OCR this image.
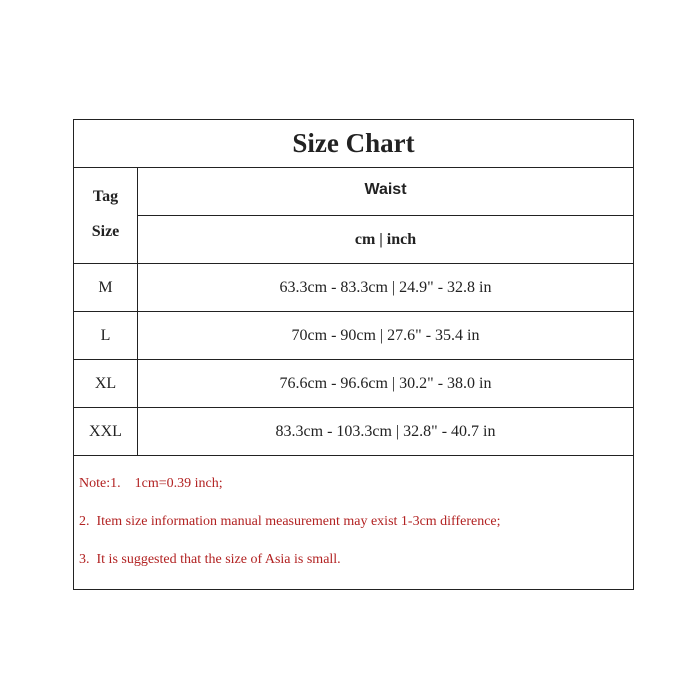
Size Chart
Tag
Size
Waist
cm | inch
M	63.3cm - 83.3cm | 24.9" - 32.8 in
L	70cm - 90cm | 27.6" - 35.4 in
XL	76.6cm - 96.6cm | 30.2" - 38.0 in
XXL	83.3cm - 103.3cm | 32.8" - 40.7 in
Note:1.    1cm=0.39 inch;
2.  Item size information manual measurement may exist 1-3cm difference;
3.  It is suggested that the size of Asia is small.
